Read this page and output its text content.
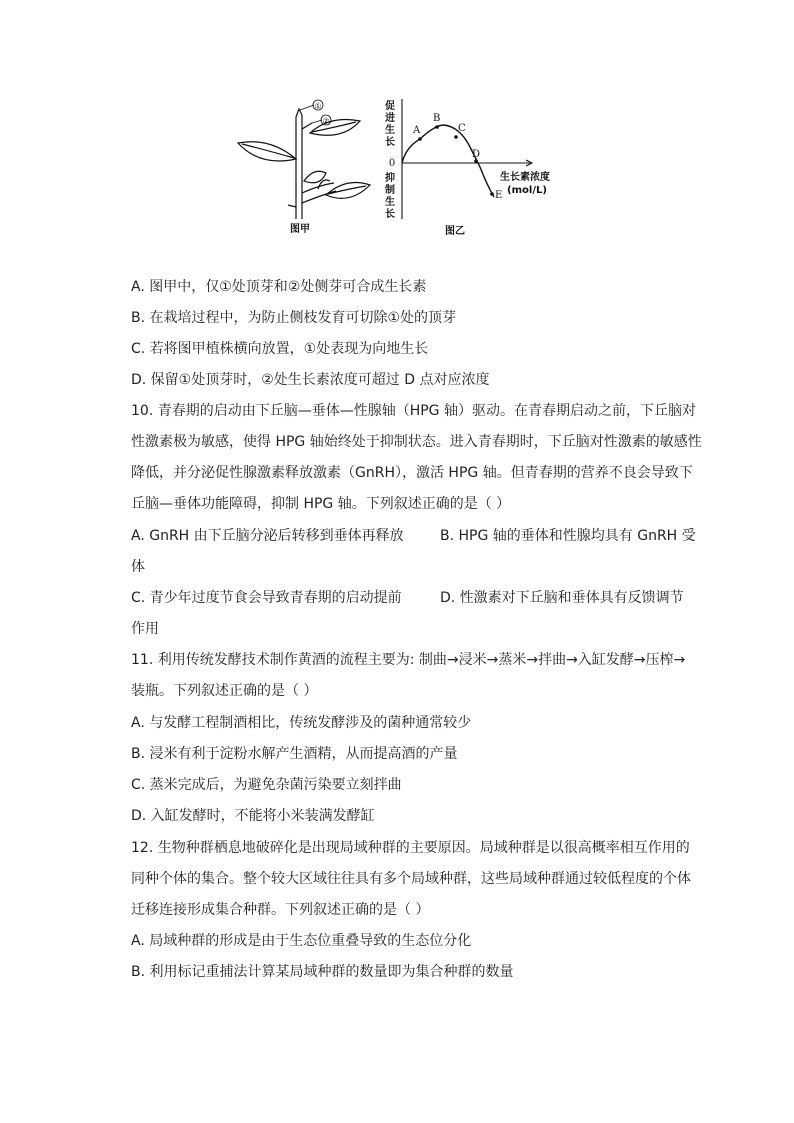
①
②
图甲
促
进
生
长
0
抑
制
生
长
A
B
C
D
E
生长素浓度
(mol/L)
图乙
A. 图甲中，仅①处顶芽和②处侧芽可合成生长素
B. 在栽培过程中，为防止侧枝发育可切除①处的顶芽
C. 若将图甲植株横向放置，①处表现为向地生长
D. 保留①处顶芽时，②处生长素浓度可超过 D 点对应浓度
10. 青春期的启动由下丘脑—垂体—性腺轴（HPG 轴）驱动。在青春期启动之前，下丘脑对
性激素极为敏感，使得 HPG 轴始终处于抑制状态。进入青春期时，下丘脑对性激素的敏感性
降低，并分泌促性腺激素释放激素（GnRH），激活 HPG 轴。但青春期的营养不良会导致下
丘脑—垂体功能障碍，抑制 HPG 轴。下列叙述正确的是（ ）
A. GnRH 由下丘脑分泌后转移到垂体再释放	B. HPG 轴的垂体和性腺均具有 GnRH 受
体
C. 青少年过度节食会导致青春期的启动提前	D. 性激素对下丘脑和垂体具有反馈调节
作用
11. 利用传统发酵技术制作黄酒的流程主要为: 制曲→浸米→蒸米→拌曲→入缸发酵→压榨→
装瓶。下列叙述正确的是（ ）
A. 与发酵工程制酒相比，传统发酵涉及的菌种通常较少
B. 浸米有利于淀粉水解产生酒精，从而提高酒的产量
C. 蒸米完成后，为避免杂菌污染要立刻拌曲
D. 入缸发酵时，不能将小米装满发酵缸
12. 生物种群栖息地破碎化是出现局域种群的主要原因。局域种群是以很高概率相互作用的
同种个体的集合。整个较大区域往往具有多个局域种群，这些局域种群通过较低程度的个体
迁移连接形成集合种群。下列叙述正确的是（ ）
A. 局域种群的形成是由于生态位重叠导致的生态位分化
B. 利用标记重捕法计算某局域种群的数量即为集合种群的数量
